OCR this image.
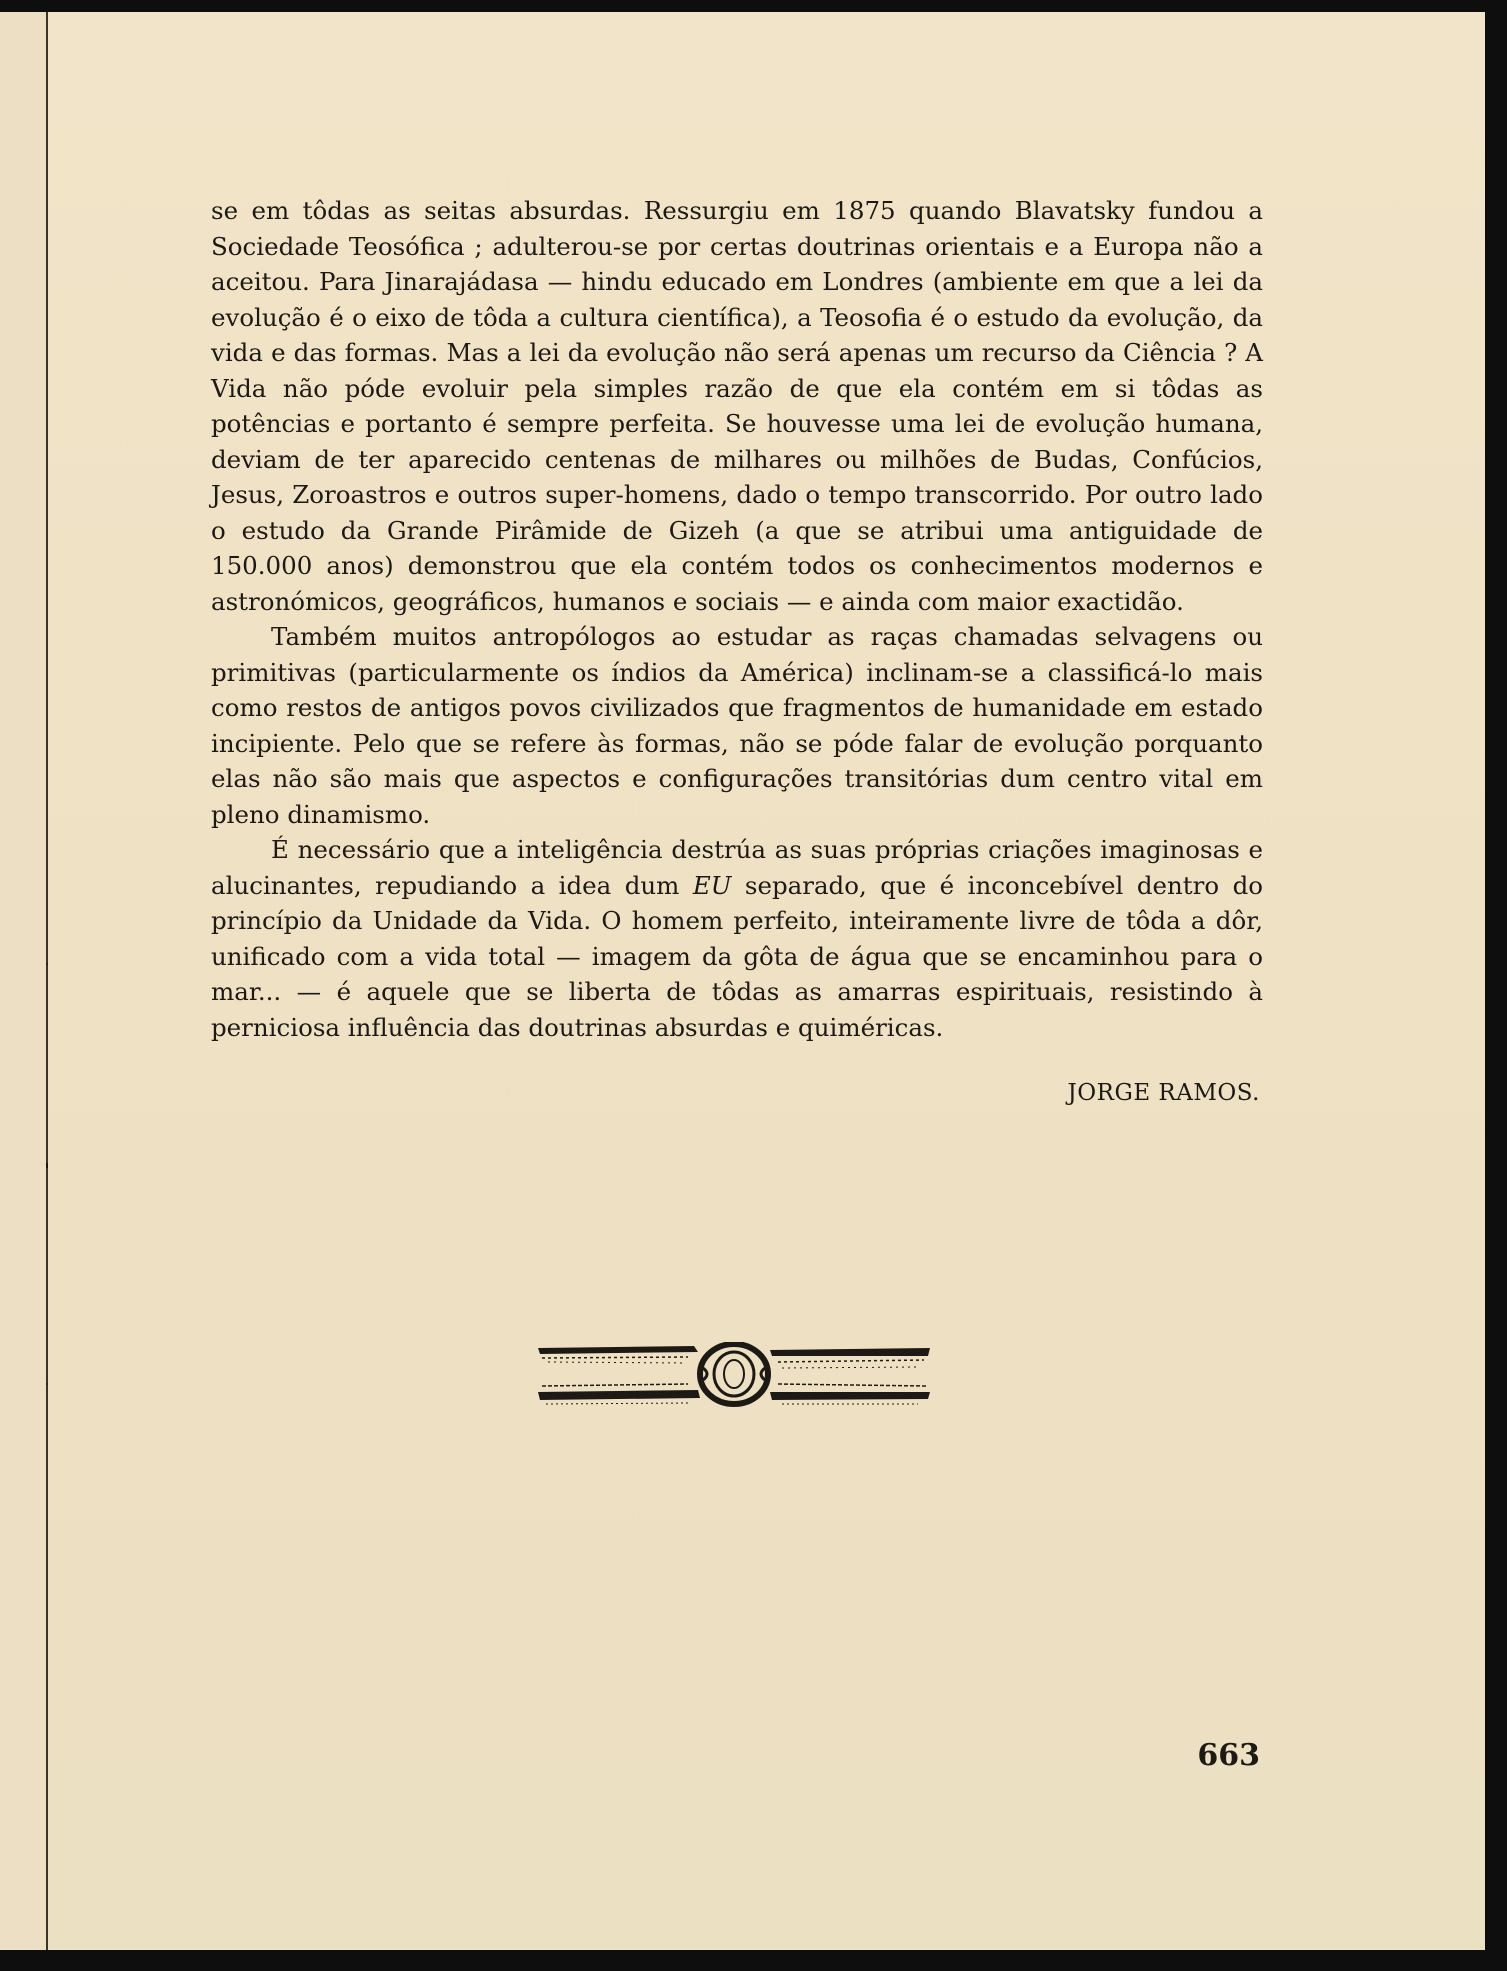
se em tôdas as seitas absurdas. Ressurgiu em 1875 quando Blavatsky fundou a Sociedade Teosófica ; adulterou-se por certas doutrinas orientais e a Europa não a aceitou. Para Jinarajádasa — hindu educado em Londres (ambiente em que a lei da evolução é o eixo de tôda a cultura científica), a Teosofia é o estudo da evolução, da vida e das formas. Mas a lei da evolução não será apenas um recurso da Ciência ? A Vida não póde evoluir pela simples razão de que ela contém em si tôdas as potências e portanto é sempre perfeita. Se houvesse uma lei de evolução humana, deviam de ter aparecido centenas de milhares ou milhões de Budas, Confúcios, Jesus, Zoroastros e outros super-homens, dado o tempo transcorrido. Por outro lado o estudo da Grande Pirâmide de Gizeh (a que se atribui uma antiguidade de 150.000 anos) demonstrou que ela contém todos os conhecimentos modernos e astronómicos, geográficos, humanos e sociais — e ainda com maior exactidão.

Também muitos antropólogos ao estudar as raças chamadas selvagens ou primitivas (particularmente os índios da América) inclinam-se a classificá-lo mais como restos de antigos povos civilizados que fragmentos de humanidade em estado incipiente. Pelo que se refere às formas, não se póde falar de evolução porquanto elas não são mais que aspectos e configurações transitórias dum centro vital em pleno dinamismo.

É necessário que a inteligência destrúa as suas próprias criações imaginosas e alucinantes, repudiando a idea dum EU separado, que é inconcebível dentro do princípio da Unidade da Vida. O homem perfeito, inteiramente livre de tôda a dôr, unificado com a vida total — imagem da gôta de água que se encaminhou para o mar... — é aquele que se liberta de tôdas as amarras espirituais, resistindo à perniciosa influência das doutrinas absurdas e quiméricas.

JORGE RAMOS.
663
